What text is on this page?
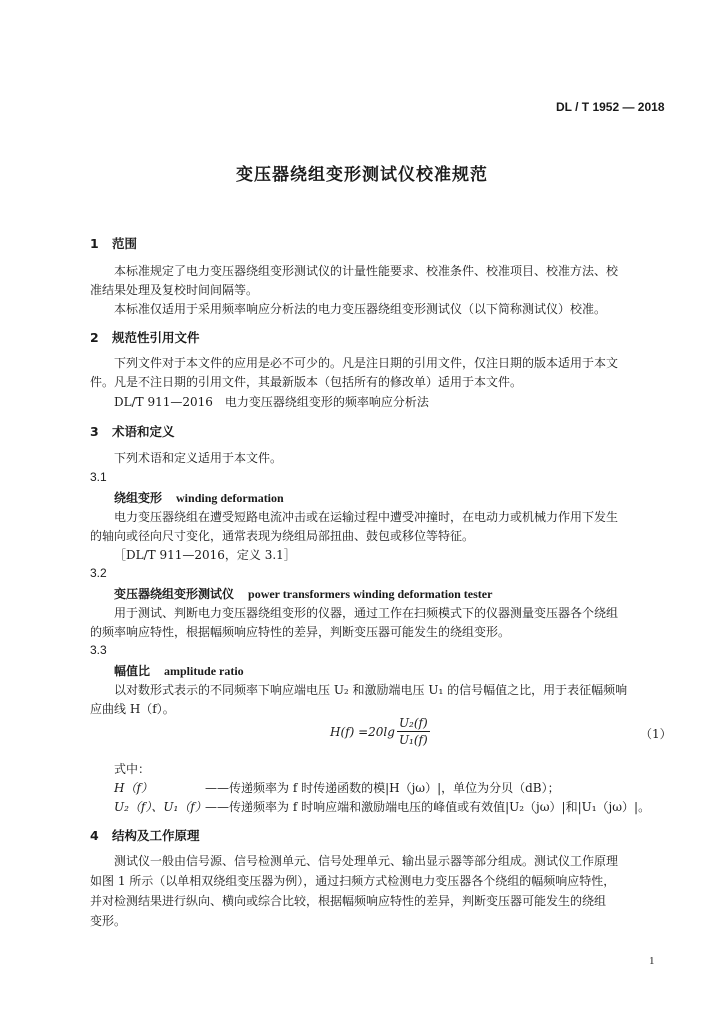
DL / T 1952 — 2018
变压器绕组变形测试仪校准规范
1 范围
本标准规定了电力变压器绕组变形测试仪的计量性能要求、校准条件、校准项目、校准方法、校
准结果处理及复校时间间隔等。
本标准仅适用于采用频率响应分析法的电力变压器绕组变形测试仪（以下简称测试仪）校准。
2 规范性引用文件
下列文件对于本文件的应用是必不可少的。凡是注日期的引用文件，仅注日期的版本适用于本文
件。凡是不注日期的引用文件，其最新版本（包括所有的修改单）适用于本文件。
DL/T 911—2016　电力变压器绕组变形的频率响应分析法
3 术语和定义
下列术语和定义适用于本文件。
3.1
绕组变形 winding deformation
电力变压器绕组在遭受短路电流冲击或在运输过程中遭受冲撞时，在电动力或机械力作用下发生
的轴向或径向尺寸变化，通常表现为绕组局部扭曲、鼓包或移位等特征。
［DL/T 911—2016，定义 3.1］
3.2
变压器绕组变形测试仪 power transformers winding deformation tester
用于测试、判断电力变压器绕组变形的仪器，通过工作在扫频模式下的仪器测量变压器各个绕组
的频率响应特性，根据幅频响应特性的差异，判断变压器可能发生的绕组变形。
3.3
幅值比 amplitude ratio
以对数形式表示的不同频率下响应端电压 U₂ 和激励端电压 U₁ 的信号幅值之比，用于表征幅频响
应曲线 H（f）。
$H(f) =20\lg \frac{\text{U₂(f)}}{\text{U₁(f)}}$	（1）
式中：
H（f）	——传递频率为 f 时传递函数的模|H（jω）|，单位为分贝（dB）；
U₂（f）、U₁（f）
——传递频率为 f 时响应端和激励端电压的峰值或有效值|U₂（jω）|和|U₁（jω）|。
4 结构及工作原理
测试仪一般由信号源、信号检测单元、信号处理单元、输出显示器等部分组成。测试仪工作原理
如图 1 所示（以单相双绕组变压器为例），通过扫频方式检测电力变压器各个绕组的幅频响应特性，
并对检测结果进行纵向、横向或综合比较，根据幅频响应特性的差异，判断变压器可能发生的绕组
变形。
1
